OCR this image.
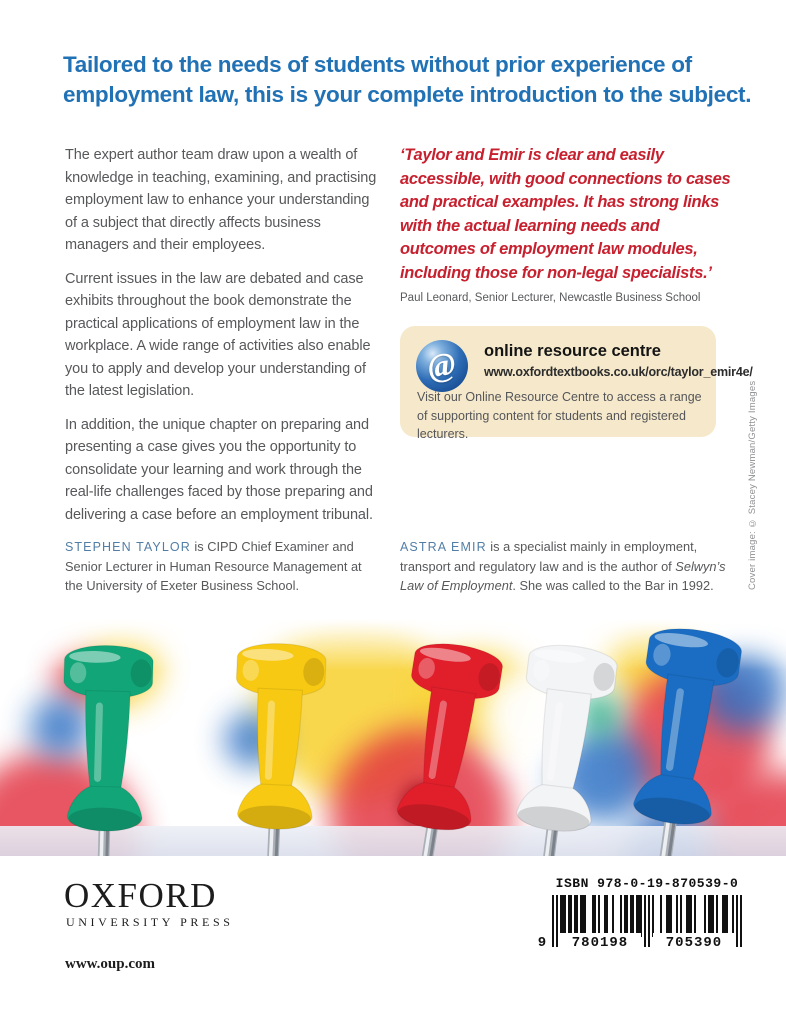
Tailored to the needs of students without prior experience of
employment law, this is your complete introduction to the subject.

The expert author team draw upon a wealth of knowledge in teaching, examining, and practising employment law to enhance your understanding of a subject that directly affects business managers and their employees.

Current issues in the law are debated and case exhibits throughout the book demonstrate the practical applications of employment law in the workplace. A wide range of activities also enable you to apply and develop your understanding of the latest legislation.

In addition, the unique chapter on preparing and presenting a case gives you the opportunity to consolidate your learning and work through the real-life challenges faced by those preparing and delivering a case before an employment tribunal.

‘Taylor and Emir is clear and easily accessible, with good connections to cases and practical examples. It has strong links with the actual learning needs and outcomes of employment law modules, including those for non-legal specialists.’

Paul Leonard, Senior Lecturer, Newcastle Business School

@ online resource centre
www.oxfordtextbooks.co.uk/orc/taylor_emir4e/

Visit our Online Resource Centre to access a range of supporting content for students and registered lecturers.

STEPHEN TAYLOR is CIPD Chief Examiner and Senior Lecturer in Human Resource Management at the University of Exeter Business School.
ASTRA EMIR is a specialist mainly in employment, transport and regulatory law and is the author of Selwyn’s Law of Employment. She was called to the Bar in 1992.	Cover image: © Stacey Newman/Getty Images
OXFORD
UNIVERSITY PRESS
www.oup.com
ISBN 978-0-19-870539-0
9	780198	705390
